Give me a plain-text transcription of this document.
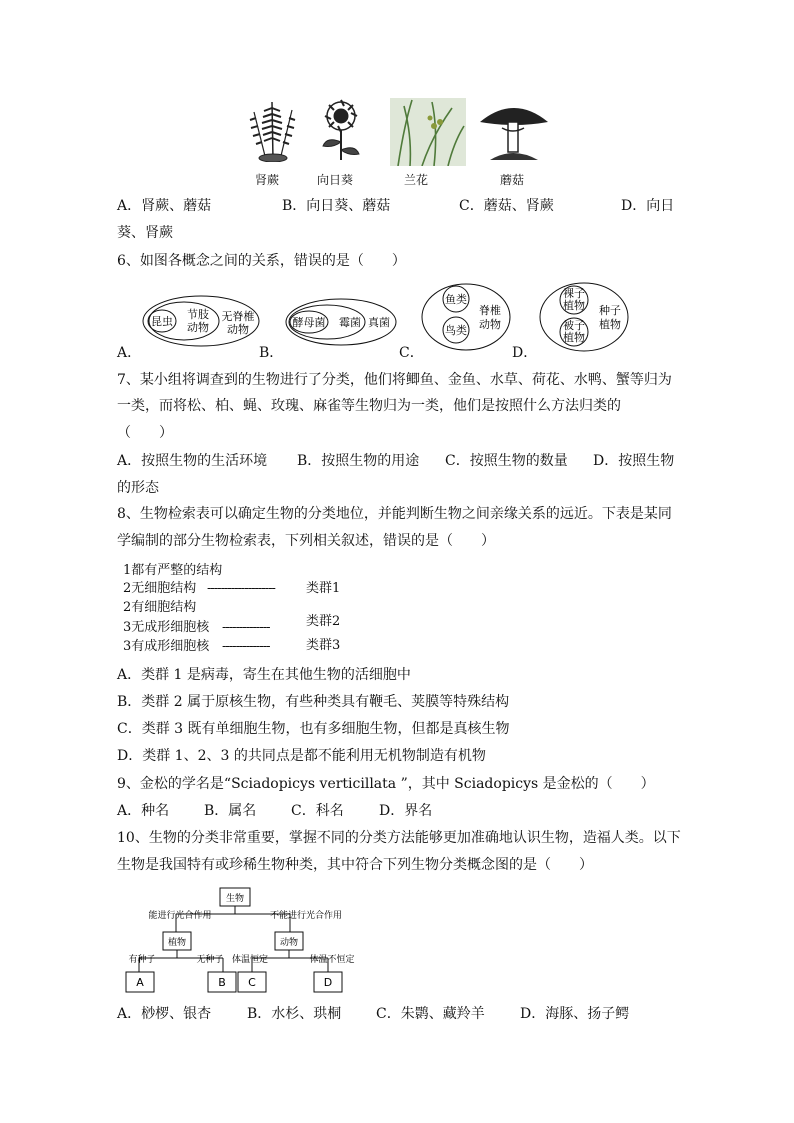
肾蕨	向日葵	兰花	蘑菇
A．肾蕨、蘑菇	B．向日葵、蘑菇	C．蘑菇、肾蕨	D．向日
葵、肾蕨
6、如图各概念之间的关系，错误的是（　　）
A．
昆虫
节肢
动物
无脊椎
动物
B．
酵母菌 霉菌 真菌
C．
鱼类
鸟类
脊椎
动物
D．
裸子
植物
被子
植物
种子
植物
7、某小组将调查到的生物进行了分类，他们将鲫鱼、金鱼、水草、荷花、水鸭、蟹等归为
一类，而将松、柏、蝇、玫瑰、麻雀等生物归为一类，他们是按照什么方法归类的
（　　）
A．按照生物的生活环境 B．按照生物的用途 C．按照生物的数量 D．按照生物
的形态
8、生物检索表可以确定生物的分类地位，并能判断生物之间亲缘关系的远近。下表是某同
学编制的部分生物检索表，下列相关叙述，错误的是（　　）
1都有严整的结构
2无细胞结构 ‐‐‐‐‐‐‐‐‐‐‐‐‐‐‐‐‐‐‐‐ 类群1
2有细胞结构
3无成形细胞核 ‐‐‐‐‐‐‐‐‐‐‐‐‐‐	类群2
3有成形细胞核 ‐‐‐‐‐‐‐‐‐‐‐‐‐‐	类群3
A．类群 1 是病毒，寄生在其他生物的活细胞中
B．类群 2 属于原核生物，有些种类具有鞭毛、荚膜等特殊结构
C．类群 3 既有单细胞生物，也有多细胞生物，但都是真核生物
D．类群 1、2、3 的共同点是都不能利用无机物制造有机物
9、金松的学名是“Sciadopicys verticillata ”，其中 Sciadopicys 是金松的（　　）
A．种名 B．属名 C．科名	D．界名
10、生物的分类非常重要，掌握不同的分类方法能够更加准确地认识生物，造福人类。以下
生物是我国特有或珍稀生物种类，其中符合下列生物分类概念图的是（　　）
生物
能进行光合作用	不能进行光合作用
植物	动物
有种子	无种子 体温恒定	体温不恒定
A	B C	D
A．桫椤、银杏	B．水杉、珙桐 C．朱鹮、藏羚羊	D．海豚、扬子鳄
